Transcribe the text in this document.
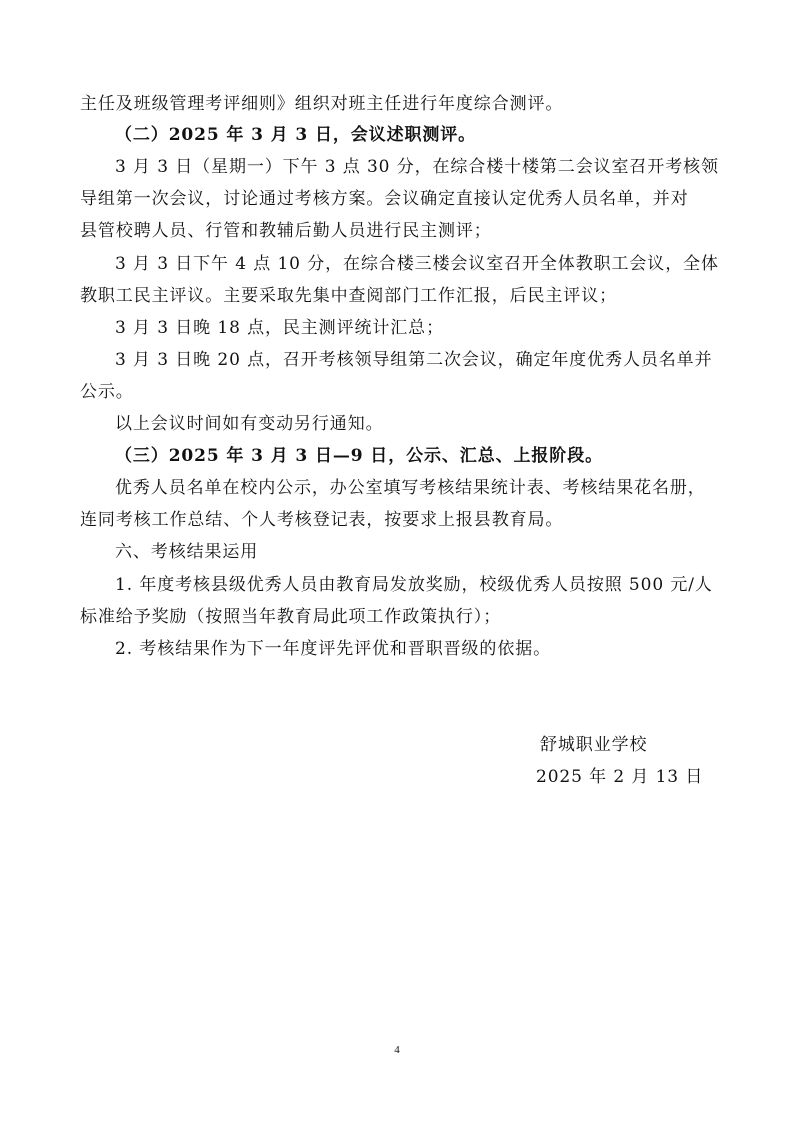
主任及班级管理考评细则》组织对班主任进行年度综合测评。
（二）2025 年 3 月 3 日，会议述职测评。
3 月 3 日（星期一）下午 3 点 30 分，在综合楼十楼第二会议室召开考核领
导组第一次会议，讨论通过考核方案。会议确定直接认定优秀人员名单，并对
县管校聘人员、行管和教辅后勤人员进行民主测评；
3 月 3 日下午 4 点 10 分，在综合楼三楼会议室召开全体教职工会议，全体
教职工民主评议。主要采取先集中查阅部门工作汇报，后民主评议；
3 月 3 日晚 18 点，民主测评统计汇总；
3 月 3 日晚 20 点，召开考核领导组第二次会议，确定年度优秀人员名单并
公示。
以上会议时间如有变动另行通知。
（三）2025 年 3 月 3 日—9 日，公示、汇总、上报阶段。
优秀人员名单在校内公示，办公室填写考核结果统计表、考核结果花名册，
连同考核工作总结、个人考核登记表，按要求上报县教育局。
六、考核结果运用
1. 年度考核县级优秀人员由教育局发放奖励，校级优秀人员按照 500 元/人
标准给予奖励（按照当年教育局此项工作政策执行）；
2. 考核结果作为下一年度评先评优和晋职晋级的依据。
舒城职业学校
2025 年 2 月 13 日
4
